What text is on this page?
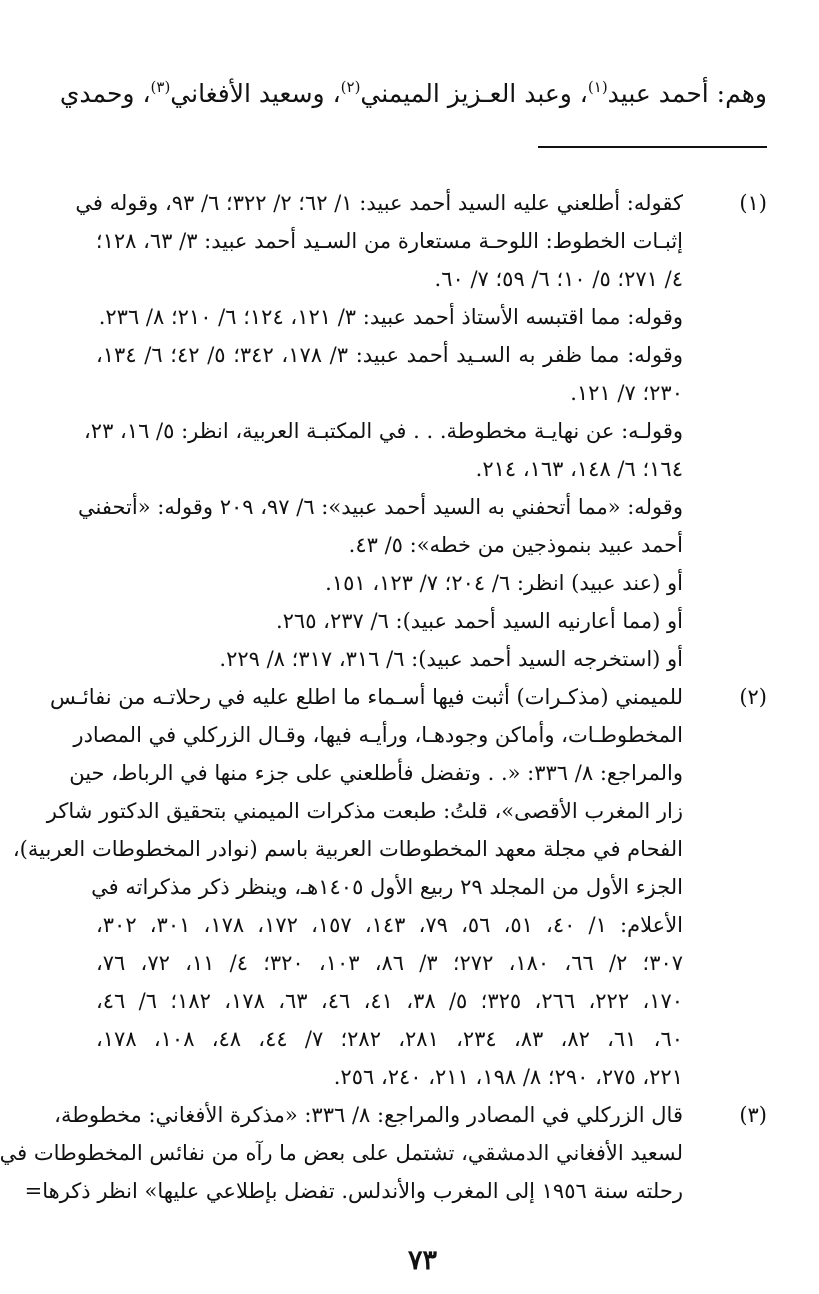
وهم: أحمد عبيد$^{(١)}$، وعبد العـزيز الميمني$^{(٢)}$، وسعيد الأفغاني$^{(٣)}$، وحمدي
(١)
كقوله: أطلعني عليه السيد أحمد عبيد: ١/ ٦٢؛ ٢/ ٣٢٢؛ ٦/ ٩٣، وقوله في
إثبـات الخطوط: اللوحـة مستعارة من السـيد أحمد عبيد: ٣/ ٦٣، ١٢٨؛
٤/ ٢٧١؛ ٥/ ١٠؛ ٦/ ٥٩؛ ٧/ ٦٠.
وقوله: مما اقتبسه الأستاذ أحمد عبيد: ٣/ ١٢١، ١٢٤؛ ٦/ ٢١٠؛ ٨/ ٢٣٦.
وقوله: مما ظفر به السـيد أحمد عبيد: ٣/ ١٧٨، ٣٤٢؛ ٥/ ٤٢؛ ٦/ ١٣٤،
٢٣٠؛ ٧/ ١٢١.
وقولـه: عن نهايـة مخطوطة. . . في المكتبـة العربية، انظر: ٥/ ١٦، ٢٣،
١٦٤؛ ٦/ ١٤٨، ١٦٣، ٢١٤.
وقوله: «مما أتحفني به السيد أحمد عبيد»: ٦/ ٩٧، ٢٠٩ وقوله: «أتحفني
أحمد عبيد بنموذجين من خطه»: ٥/ ٤٣.
أو (عند عبيد) انظر: ٦/ ٢٠٤؛ ٧/ ١٢٣، ١٥١.
أو (مما أعارنيه السيد أحمد عبيد): ٦/ ٢٣٧، ٢٦٥.
أو (استخرجه السيد أحمد عبيد): ٦/ ٣١٦، ٣١٧؛ ٨/ ٢٢٩.
(٢)
للميمني (مذكـرات) أثبت فيها أسـماء ما اطلع عليه في رحلاتـه من نفائـس
المخطوطـات، وأماكن وجودهـا، ورأيـه فيها، وقـال الزركلي في المصادر
والمراجع: ٨/ ٣٣٦: «. . وتفضل فأطلعني على جزء منها في الرباط، حين
زار المغرب الأقصى»، قلتُ: طبعت مذكرات الميمني بتحقيق الدكتور شاكر
الفحام في مجلة معهد المخطوطات العربية باسم (نوادر المخطوطات العربية)،
الجزء الأول من المجلد ٢٩ ربيع الأول ١٤٠٥هـ، وينظر ذكر مذكراته في
الأعلام: ١/ ٤٠، ٥١، ٥٦، ٧٩، ١٤٣، ١٥٧، ١٧٢، ١٧٨، ٣٠١، ٣٠٢،
٣٠٧؛ ٢/ ٦٦، ١٨٠، ٢٧٢؛ ٣/ ٨٦، ١٠٣، ٣٢٠؛ ٤/ ١١، ٧٢، ٧٦،
١٧٠، ٢٢٢، ٢٦٦، ٣٢٥؛ ٥/ ٣٨، ٤١، ٤٦، ٦٣، ١٧٨، ١٨٢؛ ٦/ ٤٦،
٦٠، ٦١، ٨٢، ٨٣، ٢٣٤، ٢٨١، ٢٨٢؛ ٧/ ٤٤، ٤٨، ١٠٨، ١٧٨،
٢٢١، ٢٧٥، ٢٩٠؛ ٨/ ١٩٨، ٢١١، ٢٤٠، ٢٥٦.
(٣)
قال الزركلي في المصادر والمراجع: ٨/ ٣٣٦: «مذكرة الأفغاني: مخطوطة،
لسعيد الأفغاني الدمشقي، تشتمل على بعض ما رآه من نفائس المخطوطات في
رحلته سنة ١٩٥٦ إلى المغرب والأندلس. تفضل بإطلاعي عليها» انظر ذكرها=
٧٣
